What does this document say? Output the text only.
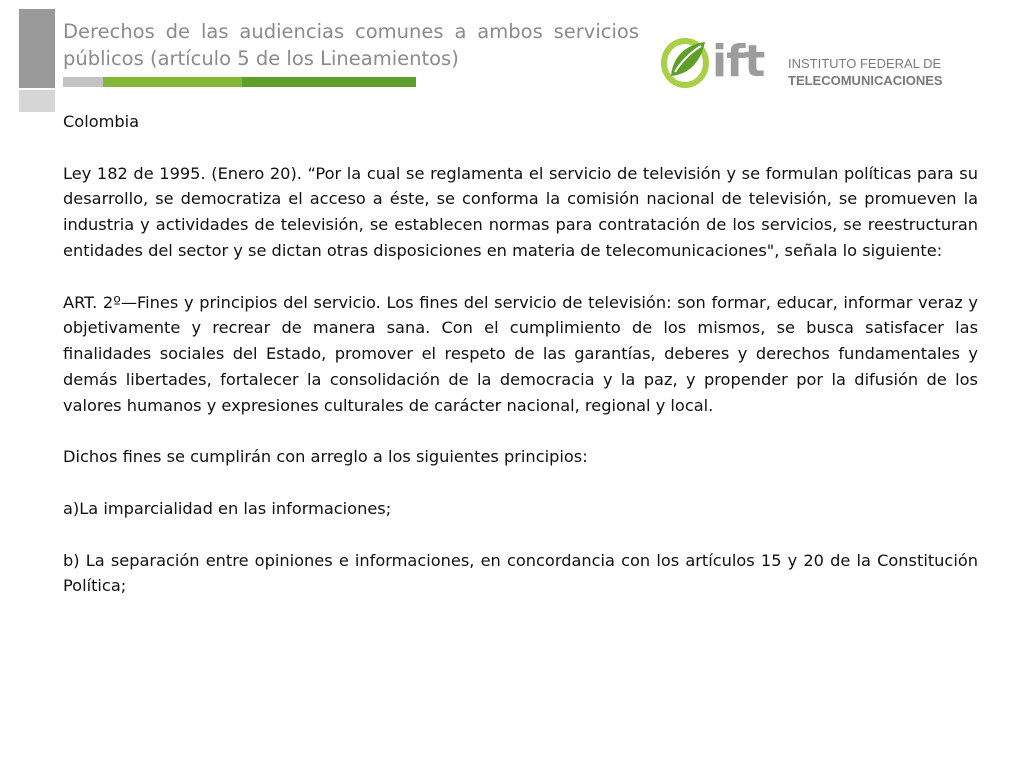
Derechos de las audiencias comunes a ambos servicios públicos (artículo 5 de los Lineamientos)	ift INSTITUTO FEDERAL DE
TELECOMUNICACIONES

Colombia

Ley 182 de 1995. (Enero 20). “Por la cual se reglamenta el servicio de televisión y se formulan políticas para su desarrollo, se democratiza el acceso a éste, se conforma la comisión nacional de televisión, se promueven la industria y actividades de televisión, se establecen normas para contratación de los servicios, se reestructuran entidades del sector y se dictan otras disposiciones en materia de telecomunicaciones", señala lo siguiente:

ART. 2º—Fines y principios del servicio. Los fines del servicio de televisión: son formar, educar, informar veraz y objetivamente y recrear de manera sana. Con el cumplimiento de los mismos, se busca satisfacer las finalidades sociales del Estado, promover el respeto de las garantías, deberes y derechos fundamentales y demás libertades, fortalecer la consolidación de la democracia y la paz, y propender por la difusión de los valores humanos y expresiones culturales de carácter nacional, regional y local.

Dichos fines se cumplirán con arreglo a los siguientes principios:

a)La imparcialidad en las informaciones;

b) La separación entre opiniones e informaciones, en concordancia con los artículos 15 y 20 de la Constitución Política;
